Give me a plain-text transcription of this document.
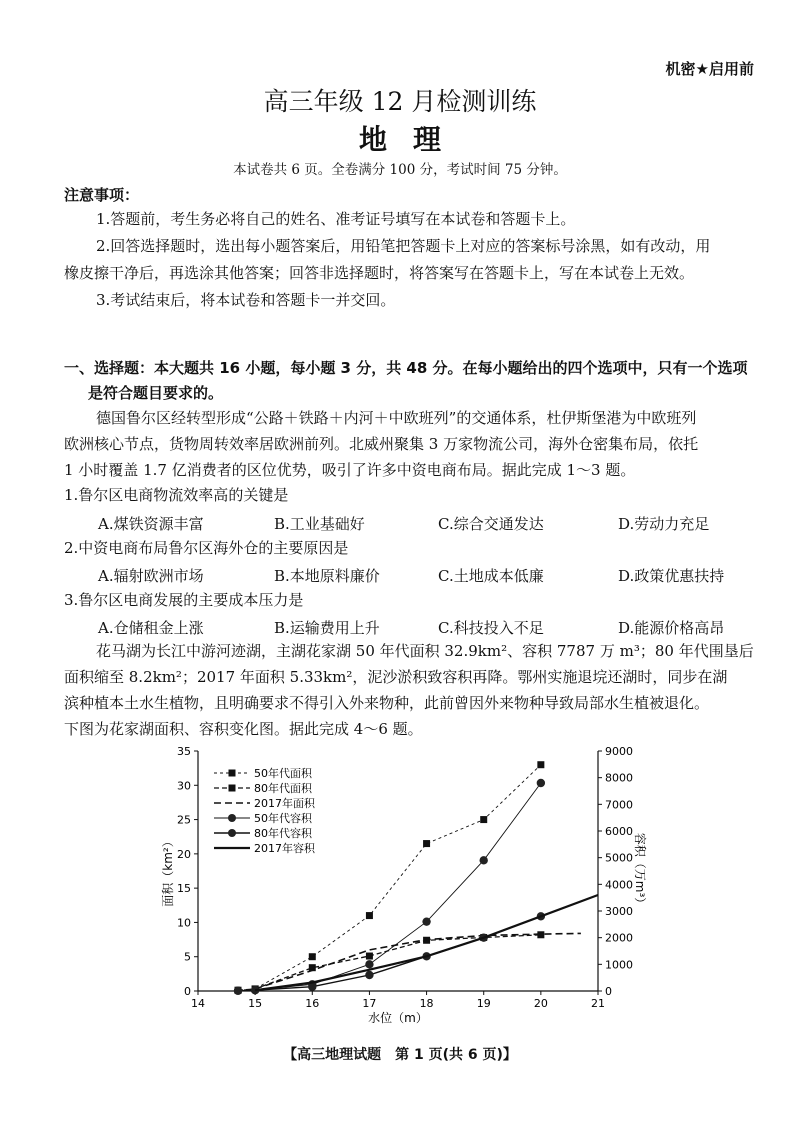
机密★启用前
高三年级 12 月检测训练
地理
本试卷共 6 页。全卷满分 100 分，考试时间 75 分钟。
注意事项：
1.答题前，考生务必将自己的姓名、准考证号填写在本试卷和答题卡上。
2.回答选择题时，选出每小题答案后，用铅笔把答题卡上对应的答案标号涂黑，如有改动，用
橡皮擦干净后，再选涂其他答案；回答非选择题时，将答案写在答题卡上，写在本试卷上无效。
3.考试结束后，将本试卷和答题卡一并交回。
一、选择题：本大题共 16 小题，每小题 3 分，共 48 分。在每小题给出的四个选项中，只有一个选项
是符合题目要求的。
德国鲁尔区经转型形成“公路＋铁路＋内河＋中欧班列”的交通体系，杜伊斯堡港为中欧班列
欧洲核心节点，货物周转效率居欧洲前列。北威州聚集 3 万家物流公司，海外仓密集布局，依托
1 小时覆盖 1.7 亿消费者的区位优势，吸引了许多中资电商布局。据此完成 1～3 题。
1.鲁尔区电商物流效率高的关键是
A.煤铁资源丰富	B.工业基础好	C.综合交通发达	D.劳动力充足
2.中资电商布局鲁尔区海外仓的主要原因是
A.辐射欧洲市场	B.本地原料廉价	C.土地成本低廉	D.政策优惠扶持
3.鲁尔区电商发展的主要成本压力是
A.仓储租金上涨	B.运输费用上升	C.科技投入不足	D.能源价格高昂
花马湖为长江中游河迹湖，主湖花家湖 50 年代面积 32.9km²、容积 7787 万 m³；80 年代围垦后
面积缩至 8.2km²；2017 年面积 5.33km²，泥沙淤积致容积再降。鄂州实施退垸还湖时，同步在湖
滨种植本土水生植物，且明确要求不得引入外来物种，此前曾因外来物种导致局部水生植被退化。
下图为花家湖面积、容积变化图。据此完成 4～6 题。
14	15	16	17	18	19	20	21
0
5
10
15
20
25
30
35
0
1000
2000
3000
4000
5000
6000
7000
8000
9000
50年代面积
80年代面积
2017年面积
50年代容积
80年代容积
2017年容积
水位（m）
面积（km²）	容积（万m³）
【高三地理试题　第 1 页(共 6 页)】
